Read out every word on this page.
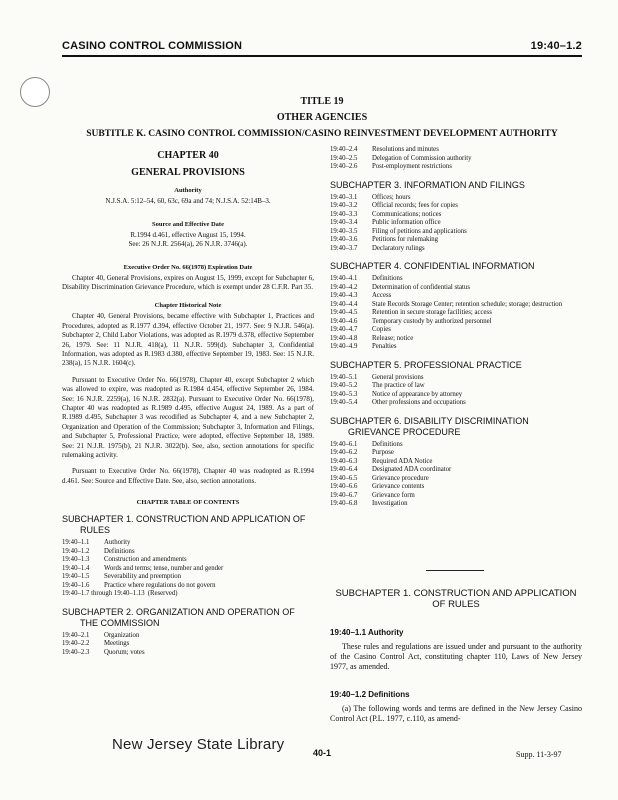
CASINO CONTROL COMMISSION	19:40–1.2
TITLE 19
OTHER AGENCIES
SUBTITLE K. CASINO CONTROL COMMISSION/CASINO REINVESTMENT DEVELOPMENT AUTHORITY
CHAPTER 40
GENERAL PROVISIONS
Authority
N.J.S.A. 5:12–54, 60, 63c, 69a and 74; N.J.S.A. 52:14B–3.
Source and Effective Date
R.1994 d.461, effective August 15, 1994.
See: 26 N.J.R. 2564(a), 26 N.J.R. 3746(a).
Executive Order No. 66(1978) Expiration Date

Chapter 40, General Provisions, expires on August 15, 1999, except for Subchapter 6, Disability Discrimination Grievance Procedure, which is exempt under 28 C.F.R. Part 35.

Chapter Historical Note

Chapter 40, General Provisions, became effective with Subchapter 1, Practices and Procedures, adopted as R.1977 d.394, effective October 21, 1977. See: 9 N.J.R. 546(a). Subchapter 2, Child Labor Violations, was adopted as R.1979 d.378, effective September 26, 1979. See: 11 N.J.R. 418(a), 11 N.J.R. 599(d). Subchapter 3, Confidential Information, was adopted as R.1983 d.380, effective September 19, 1983. See: 15 N.J.R. 238(a), 15 N.J.R. 1604(c).

Pursuant to Executive Order No. 66(1978), Chapter 40, except Subchapter 2 which was allowed to expire, was readopted as R.1984 d.454, effective September 26, 1984. See: 16 N.J.R. 2259(a), 16 N.J.R. 2832(a). Pursuant to Executive Order No. 66(1978), Chapter 40 was readopted as R.1989 d.495, effective August 24, 1989. As a part of R.1989 d.495, Subchapter 3 was recodified as Subchapter 4, and a new Subchapter 2, Organization and Operation of the Commission; Subchapter 3, Information and Filings, and Subchapter 5, Professional Practice, were adopted, effective September 18, 1989. See: 21 N.J.R. 1975(b), 21 N.J.R. 3022(b). See, also, section annotations for specific rulemaking activity.

Pursuant to Executive Order No. 66(1978), Chapter 40 was readopted as R.1994 d.461. See: Source and Effective Date. See, also, section annotations.

CHAPTER TABLE OF CONTENTS
SUBCHAPTER 1. CONSTRUCTION AND APPLICATION OF RULES
19:40–1.1	Authority
19:40–1.2	Definitions
19:40–1.3	Construction and amendments
19:40–1.4	Words and terms; tense, number and gender
19:40–1.5	Severability and preemption
19:40–1.6	Practice where regulations do not govern
19:40–1.7 through 19:40–1.13 (Reserved)
SUBCHAPTER 2. ORGANIZATION AND OPERATION OF THE COMMISSION
19:40–2.1	Organization
19:40–2.2	Meetings
19:40–2.3	Quorum; votes
19:40–2.4	Resolutions and minutes
19:40–2.5	Delegation of Commission authority
19:40–2.6	Post-employment restrictions
SUBCHAPTER 3. INFORMATION AND FILINGS
19:40–3.1	Offices; hours
19:40–3.2	Official records; fees for copies
19:40–3.3	Communications; notices
19:40–3.4	Public information office
19:40–3.5	Filing of petitions and applications
19:40–3.6	Petitions for rulemaking
19:40–3.7	Declaratory rulings
SUBCHAPTER 4. CONFIDENTIAL INFORMATION
19:40–4.1	Definitions
19:40–4.2	Determination of confidential status
19:40–4.3	Access
19:40–4.4	State Records Storage Center; retention schedule; storage; destruction
19:40–4.5	Retention in secure storage facilities; access
19:40–4.6	Temporary custody by authorized personnel
19:40–4.7	Copies
19:40–4.8	Release; notice
19:40–4.9	Penalties
SUBCHAPTER 5. PROFESSIONAL PRACTICE
19:40–5.1	General provisions
19:40–5.2	The practice of law
19:40–5.3	Notice of appearance by attorney
19:40–5.4	Other professions and occupations
SUBCHAPTER 6. DISABILITY DISCRIMINATION GRIEVANCE PROCEDURE
19:40–6.1	Definitions
19:40–6.2	Purpose
19:40–6.3	Required ADA Notice
19:40–6.4	Designated ADA coordinator
19:40–6.5	Grievance procedure
19:40–6.6	Grievance contents
19:40–6.7	Grievance form
19:40–6.8	Investigation
SUBCHAPTER 1. CONSTRUCTION AND APPLICATION OF RULES
19:40–1.1 Authority
These rules and regulations are issued under and pursuant to the authority of the Casino Control Act, constituting chapter 110, Laws of New Jersey 1977, as amended.
19:40–1.2 Definitions
(a) The following words and terms are defined in the New Jersey Casino Control Act (P.L. 1977, c.110, as amend-
New Jersey State Library	40-1	Supp. 11-3-97
